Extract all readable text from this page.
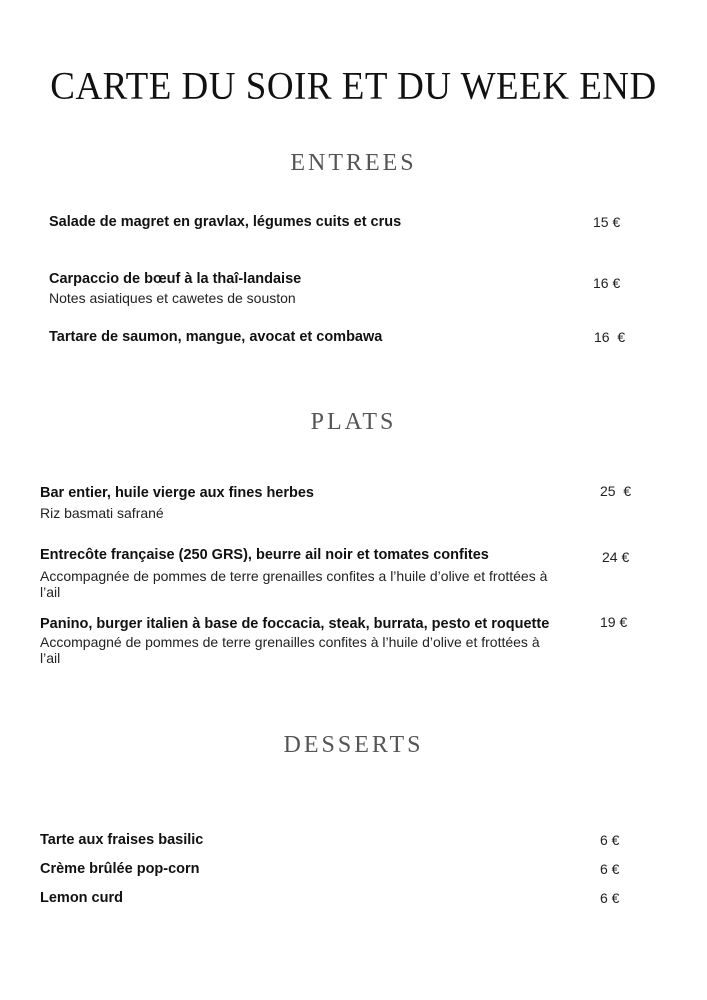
CARTE DU SOIR ET DU WEEK END
ENTREES
Salade de magret en gravlax, légumes cuits et crus	15 €
Carpaccio de bœuf à la thaî-landaise
Notes asiatiques et cawetes de souston
16 €
Tartare de saumon, mangue, avocat et combawa	16  €
PLATS
Bar entier, huile vierge aux fines herbes
Riz basmati safrané
25  €
Entrecôte française (250 GRS), beurre ail noir et tomates confites
Accompagnée de pommes de terre grenailles confites a l’huile d’olive et frottées à l’ail
24 €
Panino, burger italien à base de foccacia, steak, burrata, pesto et roquette
Accompagné de pommes de terre grenailles confites à l’huile d’olive et frottées à l’ail
19 €
DESSERTS
Tarte aux fraises basilic	6 €
Crème brûlée pop-corn	6 €
Lemon curd	6 €
